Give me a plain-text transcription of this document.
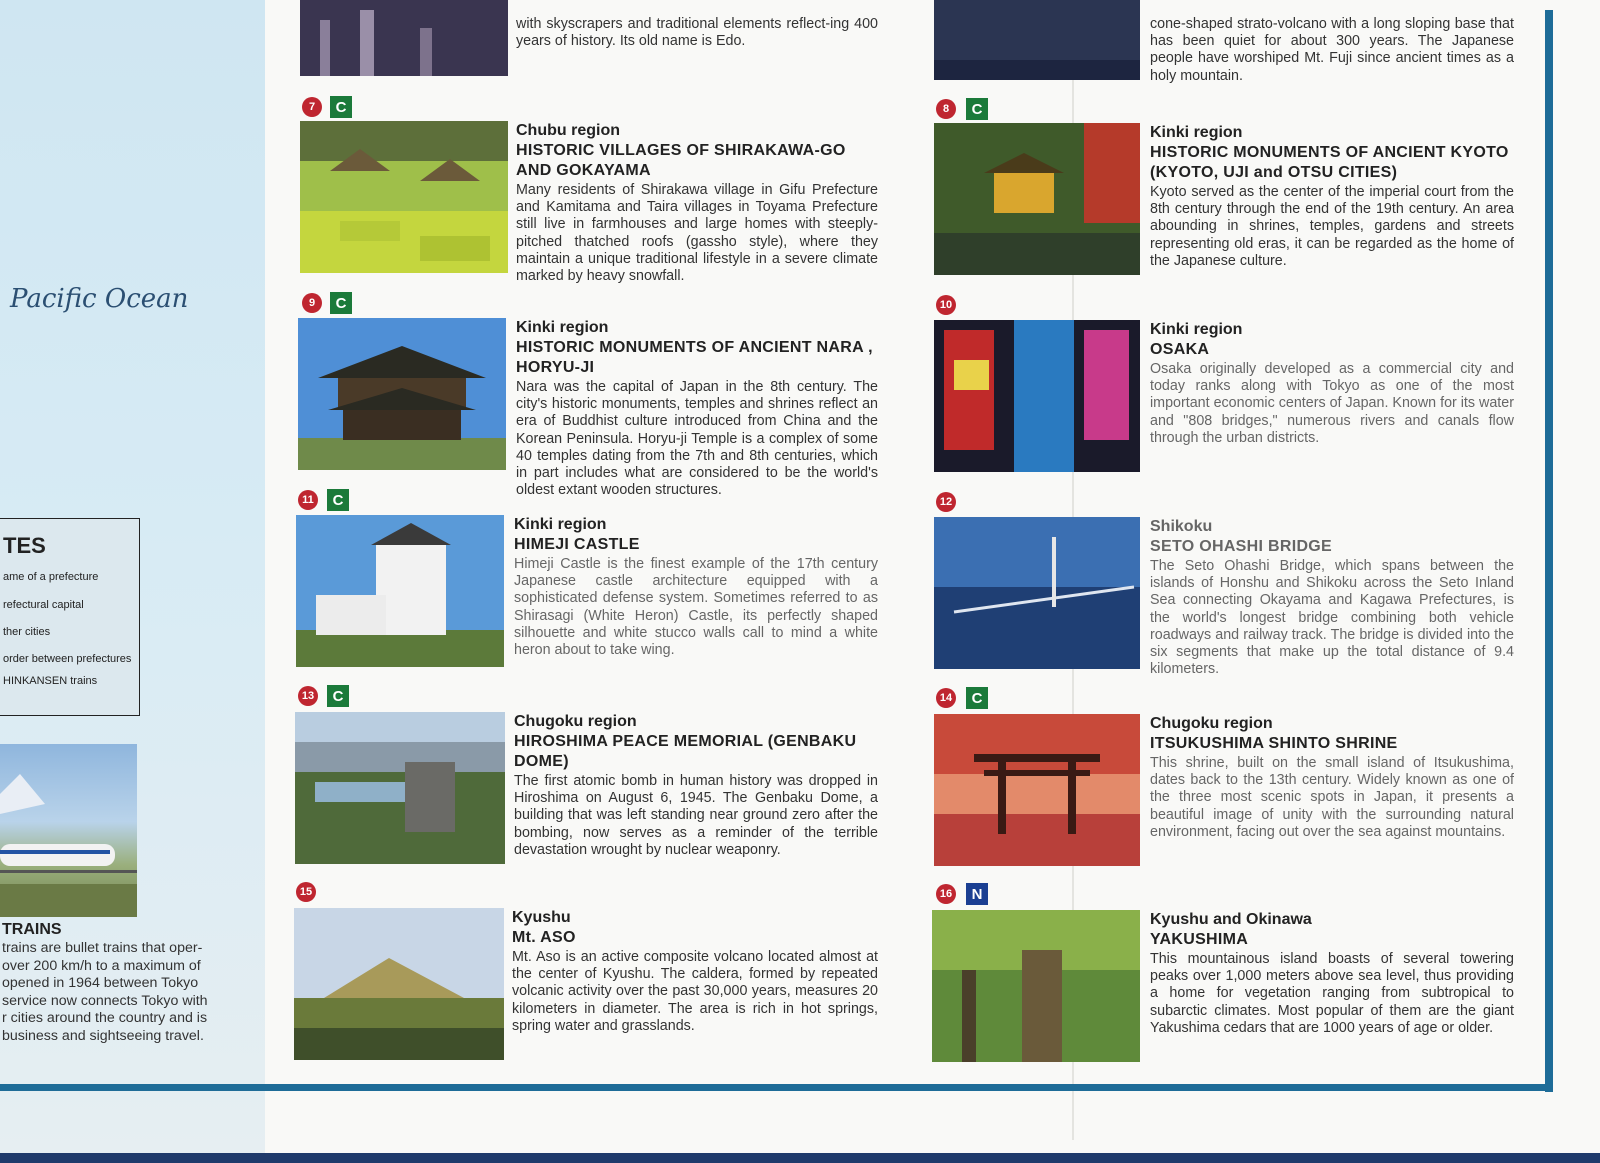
Pacific Ocean
TES
ame of a prefecture
refectural capital
ther cities
order between prefectures
HINKANSEN trains
TRAINS
trains are bullet trains that oper-
over 200 km/h to a maximum of
opened in 1964 between Tokyo
service now connects Tokyo with
r cities around the country and is
business and sightseeing travel.
with skyscrapers and traditional elements reflect-ing 400 years of history. Its old name is Edo.
cone-shaped strato-volcano with a long sloping base that has been quiet for about 300 years. The Japanese people have worshiped Mt. Fuji since ancient times as a holy mountain.
7	C
Chubu region
HISTORIC VILLAGES OF SHIRAKAWA-GO AND GOKAYAMA
Many residents of Shirakawa village in Gifu Prefecture and Kamitama and Taira villages in Toyama Prefecture still live in farmhouses and large homes with steeply-pitched thatched roofs (gassho style), where they maintain a unique traditional lifestyle in a severe climate marked by heavy snowfall.
8	C
Kinki region
HISTORIC MONUMENTS OF ANCIENT KYOTO (KYOTO, UJI and OTSU CITIES)
Kyoto served as the center of the imperial court from the 8th century through the end of the 19th century. An area abounding in shrines, temples, gardens and streets representing old eras, it can be regarded as the home of the Japanese culture.
9	C
Kinki region
HISTORIC MONUMENTS OF ANCIENT NARA , HORYU-JI
Nara was the capital of Japan in the 8th century. The city's historic monuments, temples and shrines reflect an era of Buddhist culture introduced from China and the Korean Peninsula. Horyu-ji Temple is a complex of some 40 temples dating from the 7th and 8th centuries, which in part includes what are considered to be the world's oldest extant wooden structures.
10
Kinki region
OSAKA
Osaka originally developed as a commercial city and today ranks along with Tokyo as one of the most important economic centers of Japan. Known for its water and "808 bridges," numerous rivers and canals flow through the urban districts.
11	C
Kinki region
HIMEJI CASTLE
Himeji Castle is the finest example of the 17th century Japanese castle architecture equipped with a sophisticated defense system. Sometimes referred to as Shirasagi (White Heron) Castle, its perfectly shaped silhouette and white stucco walls call to mind a white heron about to take wing.
12
Shikoku
SETO OHASHI BRIDGE
The Seto Ohashi Bridge, which spans between the islands of Honshu and Shikoku across the Seto Inland Sea connecting Okayama and Kagawa Prefectures, is the world's longest bridge combining both vehicle roadways and railway track. The bridge is divided into the six segments that make up the total distance of 9.4 kilometers.
13	C
Chugoku region
HIROSHIMA PEACE MEMORIAL (GENBAKU DOME)
The first atomic bomb in human history was dropped in Hiroshima on August 6, 1945. The Genbaku Dome, a building that was left standing near ground zero after the bombing, now serves as a reminder of the terrible devastation wrought by nuclear weaponry.
14	C
Chugoku region
ITSUKUSHIMA SHINTO SHRINE
This shrine, built on the small island of Itsukushima, dates back to the 13th century. Widely known as one of the three most scenic spots in Japan, it presents a beautiful image of unity with the surrounding natural environment, facing out over the sea against mountains.
15
Kyushu
Mt. ASO
Mt. Aso is an active composite volcano located almost at the center of Kyushu. The caldera, formed by repeated volcanic activity over the past 30,000 years, measures 20 kilometers in diameter. The area is rich in hot springs, spring water and grasslands.
16	N
Kyushu and Okinawa
YAKUSHIMA
This mountainous island boasts of several towering peaks over 1,000 meters above sea level, thus providing a home for vegetation ranging from subtropical to subarctic climates. Most popular of them are the giant Yakushima cedars that are 1000 years of age or older.
